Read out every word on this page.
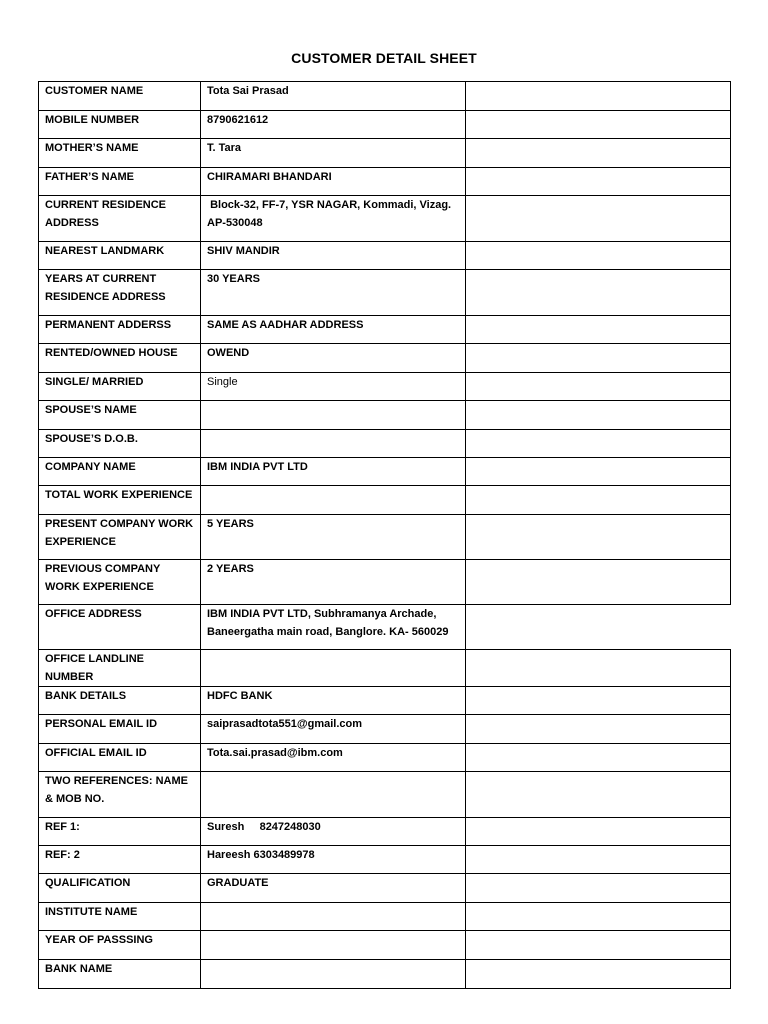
CUSTOMER DETAIL SHEET
CUSTOMER NAME	Tota Sai Prasad	
MOBILE NUMBER	8790621612	
MOTHER’S NAME	T. Tara	
FATHER’S NAME	CHIRAMARI BHANDARI	
CURRENT RESIDENCE ADDRESS	Block-32, FF-7, YSR NAGAR, Kommadi, Vizag. AP-530048	
NEAREST LANDMARK	SHIV MANDIR	
YEARS AT CURRENT RESIDENCE ADDRESS	30 YEARS	
PERMANENT ADDERSS	SAME AS AADHAR ADDRESS	
RENTED/OWNED HOUSE	OWEND	
SINGLE/ MARRIED	Single	
SPOUSE’S NAME		
SPOUSE’S D.O.B.		
COMPANY NAME	IBM INDIA PVT LTD	
TOTAL WORK EXPERIENCE		
PRESENT COMPANY WORK EXPERIENCE	5 YEARS	
PREVIOUS COMPANY WORK EXPERIENCE	2 YEARS	
OFFICE ADDRESS	IBM INDIA PVT LTD, Subhramanya Archade, Baneergatha main road, Banglore. KA- 560029	
OFFICE LANDLINE NUMBER		
BANK DETAILS	HDFC BANK	
PERSONAL EMAIL ID	saiprasadtota551@gmail.com	
OFFICIAL EMAIL ID	Tota.sai.prasad@ibm.com	
TWO REFERENCES: NAME & MOB NO.		
REF 1:	Suresh     8247248030	
REF: 2	Hareesh 6303489978	
QUALIFICATION	GRADUATE	
INSTITUTE NAME		
YEAR OF PASSSING		
BANK NAME		
